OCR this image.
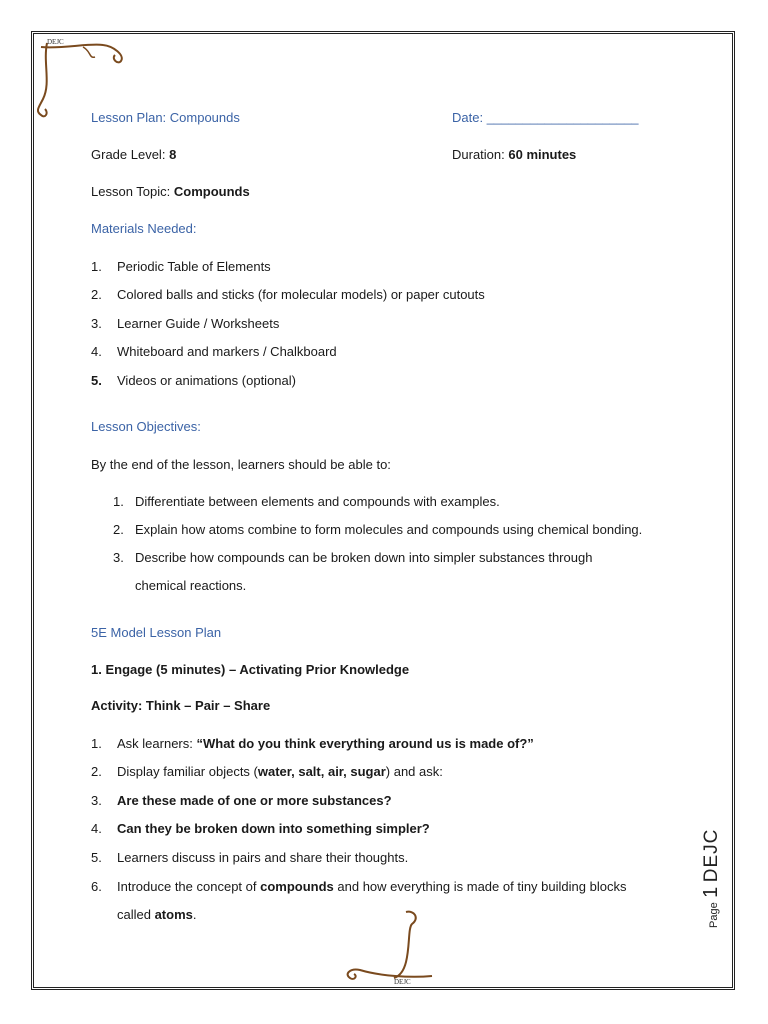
DEJC
Lesson Plan: Compounds	Date: _____________________
Grade Level: 8	Duration: 60 minutes
Lesson Topic: Compounds
Materials Needed:
1. Periodic Table of Elements
2. Colored balls and sticks (for molecular models) or paper cutouts
3. Learner Guide / Worksheets
4. Whiteboard and markers / Chalkboard
5. Videos or animations (optional)
Lesson Objectives:
By the end of the lesson, learners should be able to:
1. Differentiate between elements and compounds with examples.
2. Explain how atoms combine to form molecules and compounds using chemical bonding.
3. Describe how compounds can be broken down into simpler substances through
chemical reactions.
5E Model Lesson Plan
1. Engage (5 minutes) – Activating Prior Knowledge
Activity: Think – Pair – Share
1. Ask learners: “What do you think everything around us is made of?”
2. Display familiar objects (water, salt, air, sugar) and ask:
3. Are these made of one or more substances?
4. Can they be broken down into something simpler?
5. Learners discuss in pairs and share their thoughts.
6. Introduce the concept of compounds and how everything is made of tiny building blocks
called atoms.
DEJC
Page 1 DEJC
